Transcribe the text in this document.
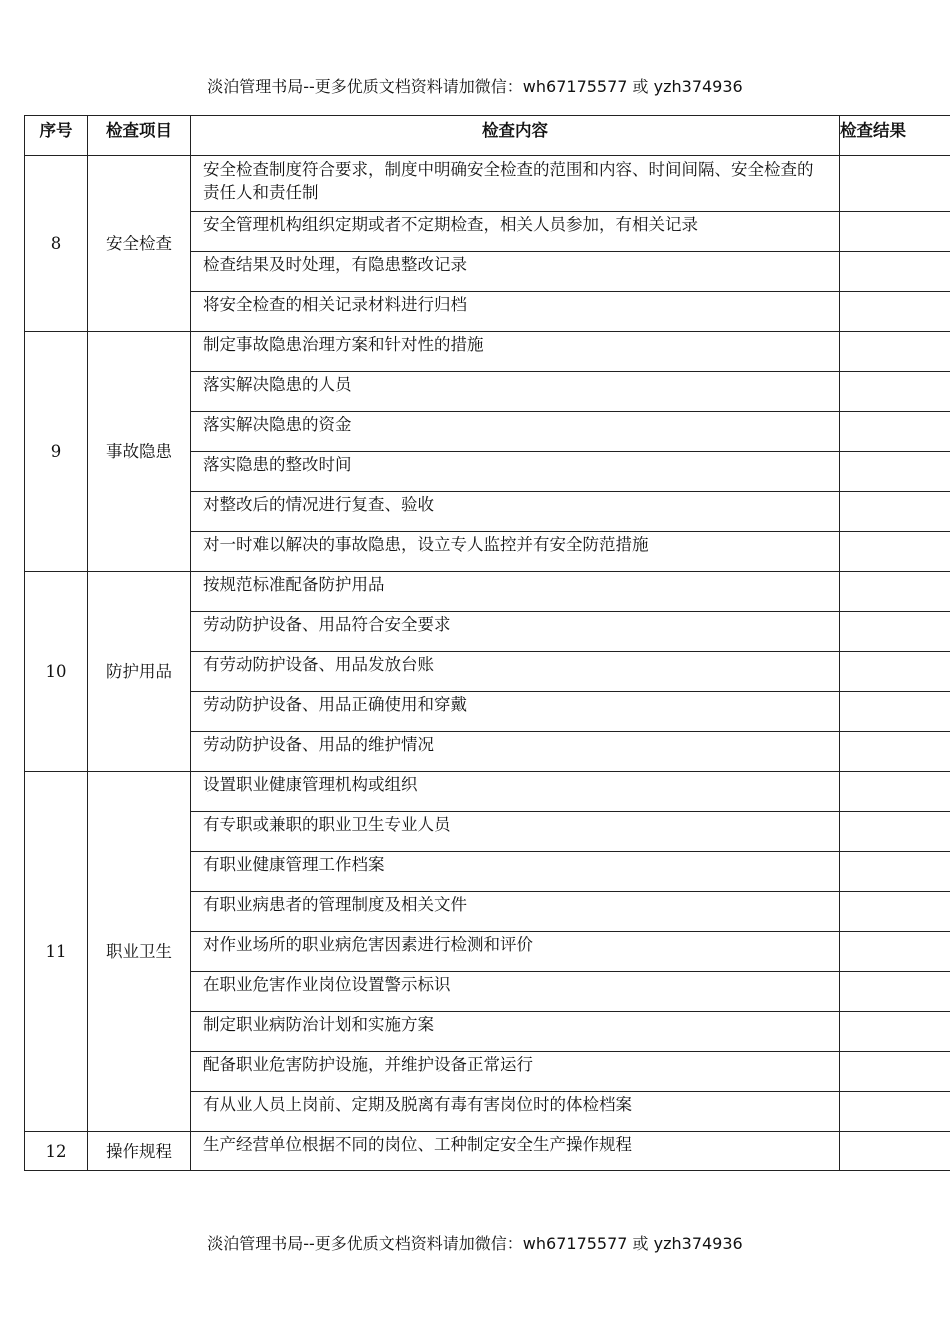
淡泊管理书局--更多优质文档资料请加微信：wh67175577 或 yzh374936
序号	检查项目	检查内容	检查结果
8	安全检查	安全检查制度符合要求，制度中明确安全检查的范围和内容、时间间隔、安全检查的责任人和责任制	
		安全管理机构组织定期或者不定期检查，相关人员参加，有相关记录	
		检查结果及时处理，有隐患整改记录	
		将安全检查的相关记录材料进行归档	
9	事故隐患	制定事故隐患治理方案和针对性的措施	
		落实解决隐患的人员	
		落实解决隐患的资金	
		落实隐患的整改时间	
		对整改后的情况进行复查、验收	
		对一时难以解决的事故隐患，设立专人监控并有安全防范措施	
10	防护用品	按规范标准配备防护用品	
		劳动防护设备、用品符合安全要求	
		有劳动防护设备、用品发放台账	
		劳动防护设备、用品正确使用和穿戴	
		劳动防护设备、用品的维护情况	
11	职业卫生	设置职业健康管理机构或组织	
		有专职或兼职的职业卫生专业人员	
		有职业健康管理工作档案	
		有职业病患者的管理制度及相关文件	
		对作业场所的职业病危害因素进行检测和评价	
		在职业危害作业岗位设置警示标识	
		制定职业病防治计划和实施方案	
		配备职业危害防护设施，并维护设备正常运行	
		有从业人员上岗前、定期及脱离有毒有害岗位时的体检档案	
12	操作规程	生产经营单位根据不同的岗位、工种制定安全生产操作规程	
淡泊管理书局--更多优质文档资料请加微信：wh67175577 或 yzh374936
